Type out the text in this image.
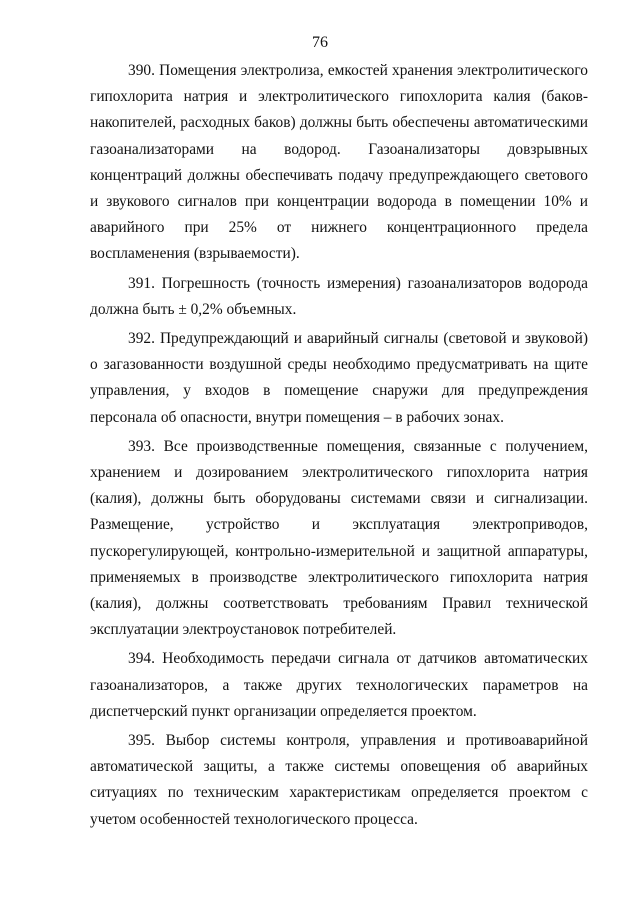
76

390. Помещения электролиза, емкостей хранения электролитического гипохлорита натрия и электролитического гипохлорита калия (баков-накопителей, расходных баков) должны быть обеспечены автоматическими газоанализаторами на водород. Газоанализаторы довзрывных концентраций должны обеспечивать подачу предупреждающего светового и звукового сигналов при концентрации водорода в помещении 10% и аварийного при 25% от нижнего концентрационного предела воспламенения (взрываемости).

391. Погрешность (точность измерения) газоанализаторов водорода должна быть ± 0,2% объемных.

392. Предупреждающий и аварийный сигналы (световой и звуковой) о загазованности воздушной среды необходимо предусматривать на щите управления, у входов в помещение снаружи для предупреждения персонала об опасности, внутри помещения – в рабочих зонах.

393. Все производственные помещения, связанные с получением, хранением и дозированием электролитического гипохлорита натрия (калия), должны быть оборудованы системами связи и сигнализации. Размещение, устройство и эксплуатация электроприводов, пускорегулирующей, контрольно-измерительной и защитной аппаратуры, применяемых в производстве электролитического гипохлорита натрия (калия), должны соответствовать требованиям Правил технической эксплуатации электроустановок потребителей.

394. Необходимость передачи сигнала от датчиков автоматических газоанализаторов, а также других технологических параметров на диспетчерский пункт организации определяется проектом.

395. Выбор системы контроля, управления и противоаварийной автоматической защиты, а также системы оповещения об аварийных ситуациях по техническим характеристикам определяется проектом с учетом особенностей технологического процесса.
